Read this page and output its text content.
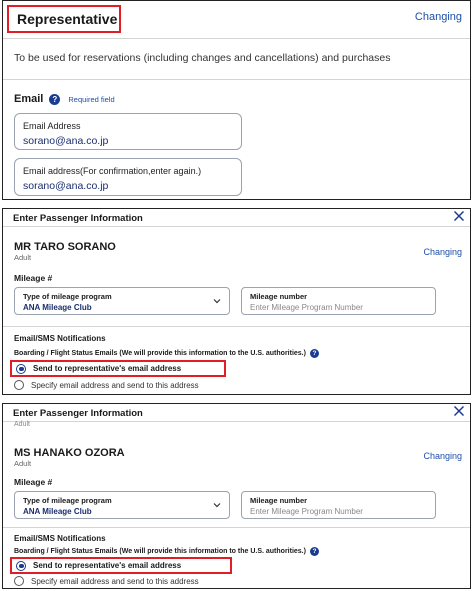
Representative	Changing
To be used for reservations (including changes and cancellations) and purchases
Email	?	Required field
Email Address
sorano@ana.co.jp
Email address(For confirmation,enter again.)
sorano@ana.co.jp
Enter Passenger Information
MR TARO SORANO
Adult
Changing
Mileage #
Type of mileage program
ANA Mileage Club
Mileage number
Enter Mileage Program Number
Email/SMS Notifications
Boarding / Flight Status Emails (We will provide this information to the U.S. authorities.)	?
Send to representative's email address
Specify email address and send to this address
Enter Passenger Information
Adult
MS HANAKO OZORA
Adult
Changing
Mileage #
Type of mileage program
ANA Mileage Club
Mileage number
Enter Mileage Program Number
Email/SMS Notifications
Boarding / Flight Status Emails (We will provide this information to the U.S. authorities.)	?
Send to representative's email address
Specify email address and send to this address
